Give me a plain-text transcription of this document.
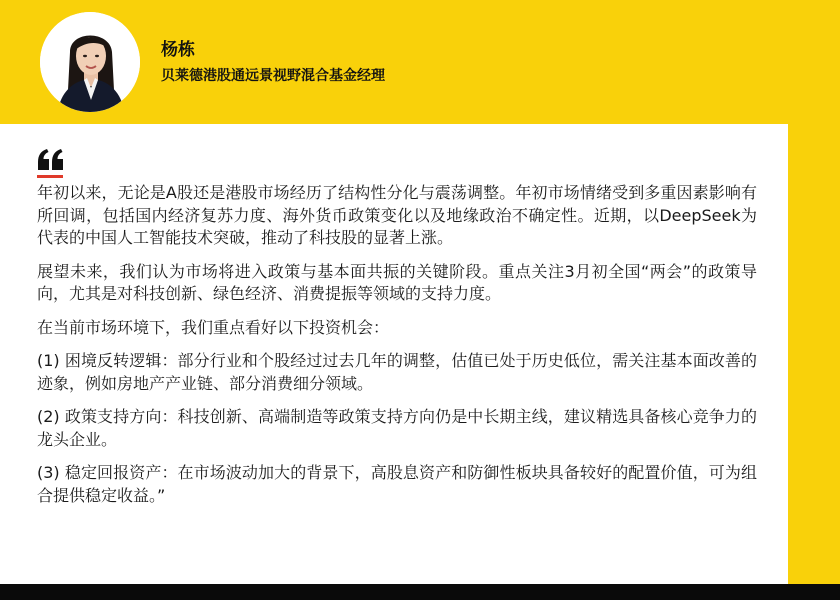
杨栋
贝莱德港股通远景视野混合基金经理

年初以来，无论是A股还是港股市场经历了结构性分化与震荡调整。年初市场情绪受到多重因素影响有所回调，包括国内经济复苏力度、海外货币政策变化以及地缘政治不确定性。近期，以DeepSeek为代表的中国人工智能技术突破，推动了科技股的显著上涨。

展望未来，我们认为市场将进入政策与基本面共振的关键阶段。重点关注3月初全国“两会”的政策导向，尤其是对科技创新、绿色经济、消费提振等领域的支持力度。

在当前市场环境下，我们重点看好以下投资机会：

(1) 困境反转逻辑：部分行业和个股经过过去几年的调整，估值已处于历史低位，需关注基本面改善的迹象，例如房地产产业链、部分消费细分领域。

(2) 政策支持方向：科技创新、高端制造等政策支持方向仍是中长期主线，建议精选具备核心竞争力的龙头企业。

(3) 稳定回报资产：在市场波动加大的背景下，高股息资产和防御性板块具备较好的配置价值，可为组合提供稳定收益。”
